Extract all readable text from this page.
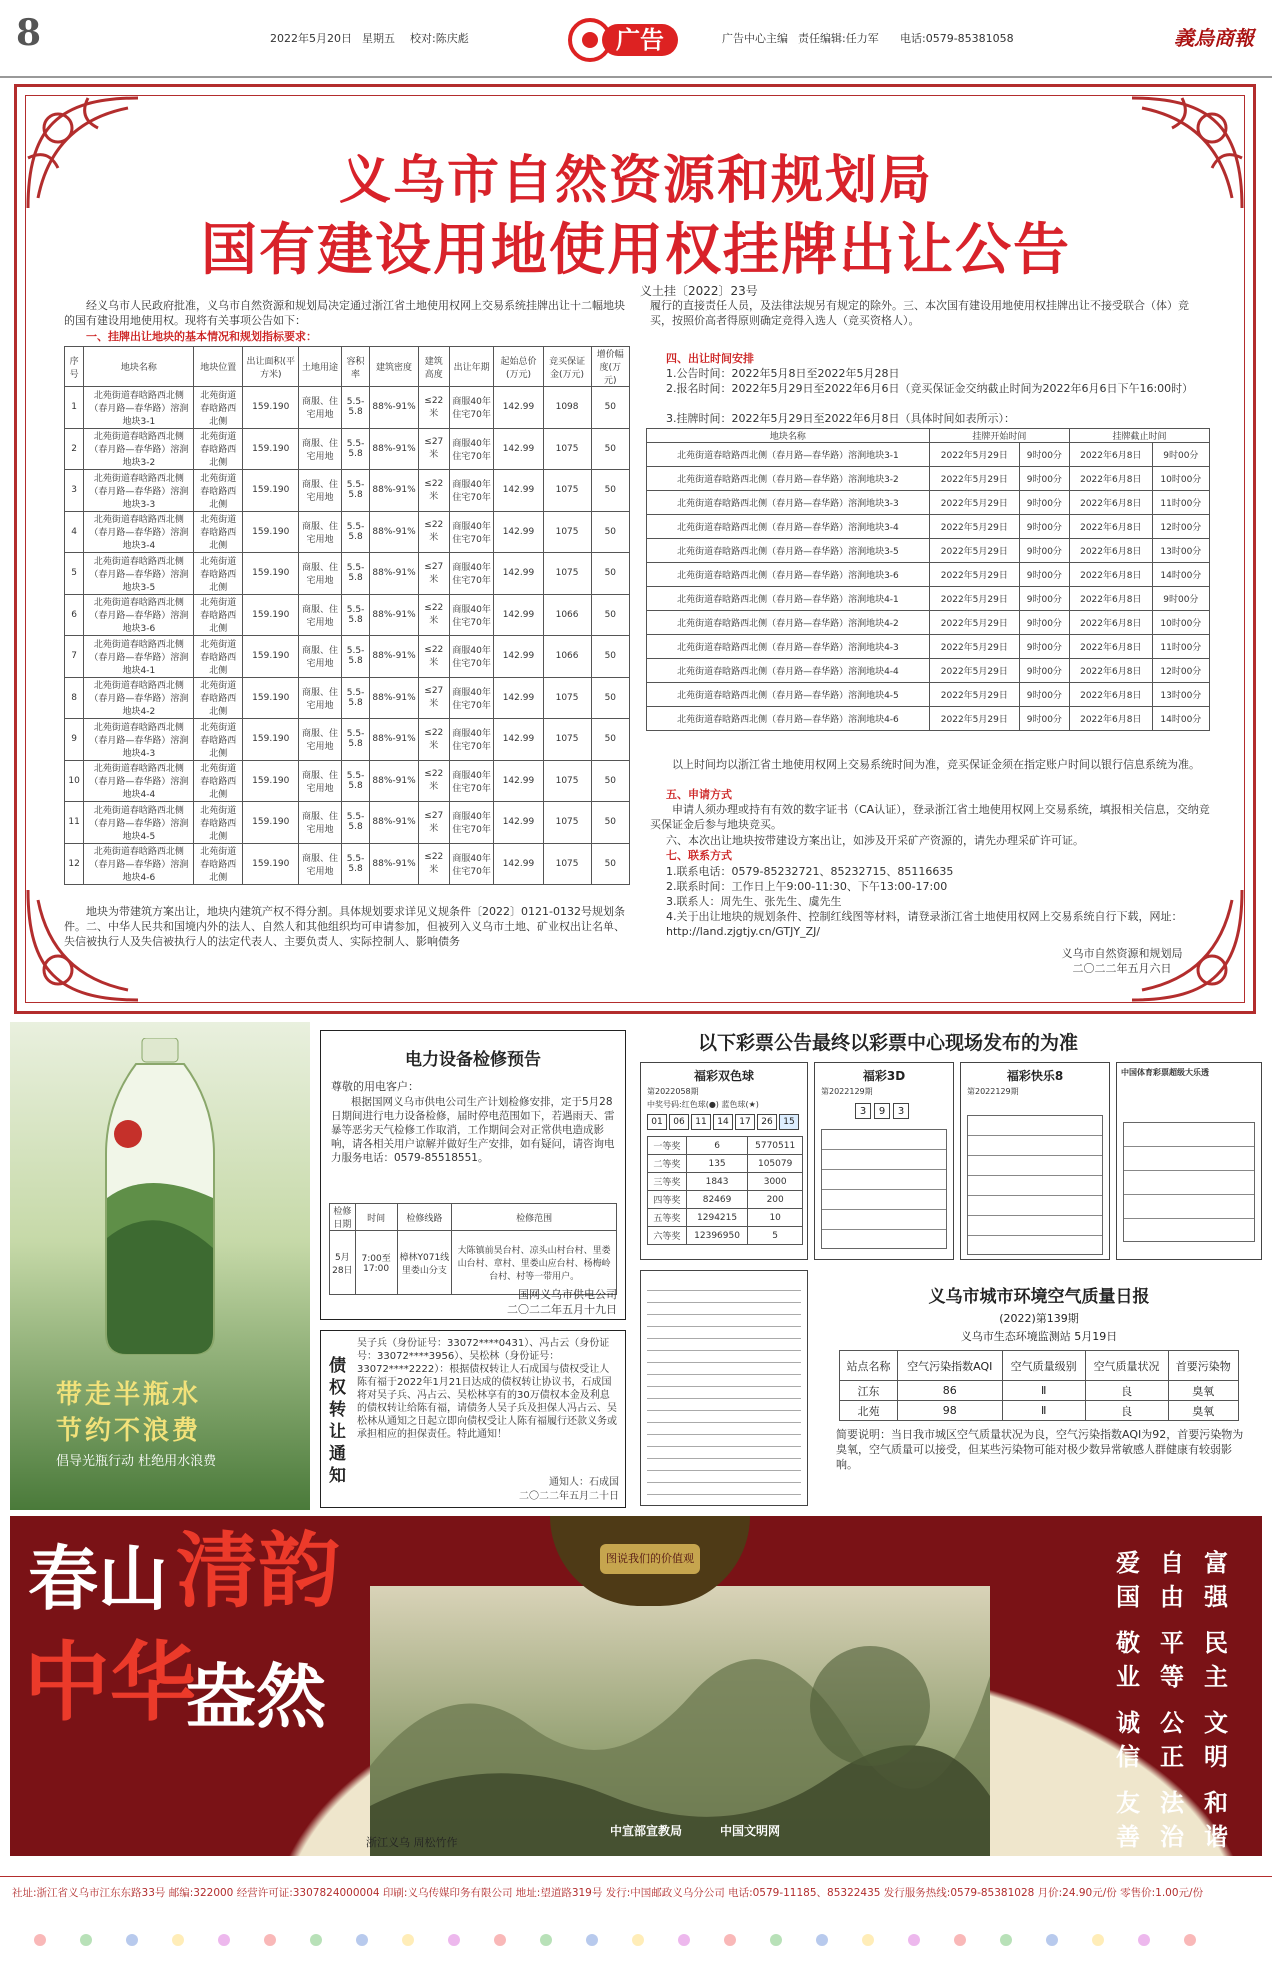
8	2022年5月20日 星期五 校对:陈庆彪	广告	广告中心主编 责任编辑:任力军 电话:0579-85381058	義烏商報
义乌市自然资源和规划局
国有建设用地使用权挂牌出让公告
义土挂〔2022〕23号
经义乌市人民政府批准，义乌市自然资源和规划局决定通过浙江省土地使用权网上交易系统挂牌出让十二幅地块的国有建设用地使用权。现将有关事项公告如下：
一、挂牌出让地块的基本情况和规划指标要求：
序号	地块名称	地块位置	出让面积(平方米)	土地用途	容积率	建筑密度	建筑高度	出让年期	起始总价(万元)	竞买保证金(万元)	增价幅度(万元)
1	北苑街道春晗路西北侧（春月路—春华路）溶涧地块3-1	北苑街道春晗路西北侧	159.190	商服、住宅用地	5.5-5.8	88%-91%	≤22米	商服40年住宅70年	142.99	1098	50
2	北苑街道春晗路西北侧（春月路—春华路）溶涧地块3-2	北苑街道春晗路西北侧	159.190	商服、住宅用地	5.5-5.8	88%-91%	≤27米	商服40年住宅70年	142.99	1075	50
3	北苑街道春晗路西北侧（春月路—春华路）溶涧地块3-3	北苑街道春晗路西北侧	159.190	商服、住宅用地	5.5-5.8	88%-91%	≤22米	商服40年住宅70年	142.99	1075	50
4	北苑街道春晗路西北侧（春月路—春华路）溶涧地块3-4	北苑街道春晗路西北侧	159.190	商服、住宅用地	5.5-5.8	88%-91%	≤22米	商服40年住宅70年	142.99	1075	50
5	北苑街道春晗路西北侧（春月路—春华路）溶涧地块3-5	北苑街道春晗路西北侧	159.190	商服、住宅用地	5.5-5.8	88%-91%	≤27米	商服40年住宅70年	142.99	1075	50
6	北苑街道春晗路西北侧（春月路—春华路）溶涧地块3-6	北苑街道春晗路西北侧	159.190	商服、住宅用地	5.5-5.8	88%-91%	≤22米	商服40年住宅70年	142.99	1066	50
7	北苑街道春晗路西北侧（春月路—春华路）溶涧地块4-1	北苑街道春晗路西北侧	159.190	商服、住宅用地	5.5-5.8	88%-91%	≤22米	商服40年住宅70年	142.99	1066	50
8	北苑街道春晗路西北侧（春月路—春华路）溶涧地块4-2	北苑街道春晗路西北侧	159.190	商服、住宅用地	5.5-5.8	88%-91%	≤27米	商服40年住宅70年	142.99	1075	50
9	北苑街道春晗路西北侧（春月路—春华路）溶涧地块4-3	北苑街道春晗路西北侧	159.190	商服、住宅用地	5.5-5.8	88%-91%	≤22米	商服40年住宅70年	142.99	1075	50
10	北苑街道春晗路西北侧（春月路—春华路）溶涧地块4-4	北苑街道春晗路西北侧	159.190	商服、住宅用地	5.5-5.8	88%-91%	≤22米	商服40年住宅70年	142.99	1075	50
11	北苑街道春晗路西北侧（春月路—春华路）溶涧地块4-5	北苑街道春晗路西北侧	159.190	商服、住宅用地	5.5-5.8	88%-91%	≤27米	商服40年住宅70年	142.99	1075	50
12	北苑街道春晗路西北侧（春月路—春华路）溶涧地块4-6	北苑街道春晗路西北侧	159.190	商服、住宅用地	5.5-5.8	88%-91%	≤22米	商服40年住宅70年	142.99	1075	50
地块为带建筑方案出让，地块内建筑产权不得分割。具体规划要求详见义规条件〔2022〕0121-0132号规划条件。二、中华人民共和国境内外的法人、自然人和其他组织均可申请参加，但被列入义乌市土地、矿业权出让名单、失信被执行人及失信被执行人的法定代表人、主要负责人、实际控制人、影响债务
履行的直接责任人员，及法律法规另有规定的除外。三、本次国有建设用地使用权挂牌出让不接受联合（体）竞买，按照价高者得原则确定竞得入选人（竞买资格人）。
四、出让时间安排
1.公告时间：2022年5月8日至2022年5月28日
2.报名时间：2022年5月29日至2022年6月6日（竞买保证金交纳截止时间为2022年6月6日下午16:00时）
3.挂牌时间：2022年5月29日至2022年6月8日（具体时间如表所示）：
地块名称	挂牌开始时间		挂牌截止时间	
北苑街道春晗路西北侧（春月路—春华路）溶涧地块3-1	2022年5月29日	9时00分	2022年6月8日	9时00分
北苑街道春晗路西北侧（春月路—春华路）溶涧地块3-2	2022年5月29日	9时00分	2022年6月8日	10时00分
北苑街道春晗路西北侧（春月路—春华路）溶涧地块3-3	2022年5月29日	9时00分	2022年6月8日	11时00分
北苑街道春晗路西北侧（春月路—春华路）溶涧地块3-4	2022年5月29日	9时00分	2022年6月8日	12时00分
北苑街道春晗路西北侧（春月路—春华路）溶涧地块3-5	2022年5月29日	9时00分	2022年6月8日	13时00分
北苑街道春晗路西北侧（春月路—春华路）溶涧地块3-6	2022年5月29日	9时00分	2022年6月8日	14时00分
北苑街道春晗路西北侧（春月路—春华路）溶涧地块4-1	2022年5月29日	9时00分	2022年6月8日	9时00分
北苑街道春晗路西北侧（春月路—春华路）溶涧地块4-2	2022年5月29日	9时00分	2022年6月8日	10时00分
北苑街道春晗路西北侧（春月路—春华路）溶涧地块4-3	2022年5月29日	9时00分	2022年6月8日	11时00分
北苑街道春晗路西北侧（春月路—春华路）溶涧地块4-4	2022年5月29日	9时00分	2022年6月8日	12时00分
北苑街道春晗路西北侧（春月路—春华路）溶涧地块4-5	2022年5月29日	9时00分	2022年6月8日	13时00分
北苑街道春晗路西北侧（春月路—春华路）溶涧地块4-6	2022年5月29日	9时00分	2022年6月8日	14时00分
以上时间均以浙江省土地使用权网上交易系统时间为准，竞买保证金须在指定账户时间以银行信息系统为准。
五、申请方式
申请人须办理或持有有效的数字证书（CA认证），登录浙江省土地使用权网上交易系统，填报相关信息，交纳竞买保证金后参与地块竞买。
六、本次出让地块按带建设方案出让，如涉及开采矿产资源的，请先办理采矿许可证。
七、联系方式
1.联系电话：0579-85232721、85232715、85116635
2.联系时间：工作日上午9:00-11:30、下午13:00-17:00
3.联系人：周先生、张先生、虞先生
4.关于出让地块的规划条件、控制红线图等材料，请登录浙江省土地使用权网上交易系统自行下载，网址：http://land.zjgtjy.cn/GTJY_ZJ/
义乌市自然资源和规划局
二〇二二年五月六日
带走半瓶水
节约不浪费
倡导光瓶行动 杜绝用水浪费
电力设备检修预告
尊敬的用电客户：
根据国网义乌市供电公司生产计划检修安排，定于5月28日期间进行电力设备检修，届时停电范围如下，若遇雨天、雷暴等恶劣天气检修工作取消，工作期间会对正常供电造成影响，请各相关用户谅解并做好生产安排，如有疑问，请咨询电力服务电话：0579-85518551。
检修日期	时间	检修线路	检修范围
5月28日	7:00至17:00	樟林Y071线里娄山分支	大陈镇前昊台村、凉头山村台村、里娄山台村、章村、里娄山应台村、杨梅岭台村、村等一带用户。
国网义乌市供电公司
二〇二二年五月十九日
债权转让通知
吴子兵（身份证号：33072****0431）、冯占云（身份证号：33072****3956）、吴松林（身份证号：33072****2222）：根据债权转让人石成国与债权受让人陈有福于2022年1月21日达成的债权转让协议书，石成国将对吴子兵、冯占云、吴松林享有的30万债权本金及利息的债权转让给陈有福，请债务人吴子兵及担保人冯占云、吴松林从通知之日起立即向债权受让人陈有福履行还款义务或承担相应的担保责任。特此通知！
通知人：石成国
二〇二二年五月二十日
以下彩票公告最终以彩票中心现场发布的为准
福彩双色球
第2022058期
中奖号码:红色球(●) 蓝色球(★)
01	06	11	14	17	26	15
一等奖	6	5770511
二等奖	135	105079
三等奖	1843	3000
四等奖	82469	200
五等奖	1294215	10
六等奖	12396950	5
福彩3D
第2022129期
3	9	3
福彩快乐8
第2022129期
中国体育彩票超级大乐透
义乌市城市环境空气质量日报
(2022)第139期
义乌市生态环境监测站 5月19日
站点名称	空气污染指数AQI	空气质量级别	空气质量状况	首要污染物
江东	86	Ⅱ	良	臭氧
北苑	98	Ⅱ	良	臭氧
简要说明：当日我市城区空气质量状况为良，空气污染指数AQI为92，首要污染物为臭氧，空气质量可以接受，但某些污染物可能对极少数异常敏感人群健康有较弱影响。
图说我们的价值观
春山 清韵
中华
盎然
富强
民主
文明
和谐
自由
平等
公正
法治
爱国
敬业
诚信
友善
中宣部宣教局	中国文明网
浙江义乌 周松竹作
社址:浙江省义乌市江东东路33号 邮编:322000 经营许可证:3307824000004 印刷:义乌传媒印务有限公司 地址:望道路319号 发行:中国邮政义乌分公司 电话:0579-11185、85322435 发行服务热线:0579-85381028 月价:24.90元/份 零售价:1.00元/份
